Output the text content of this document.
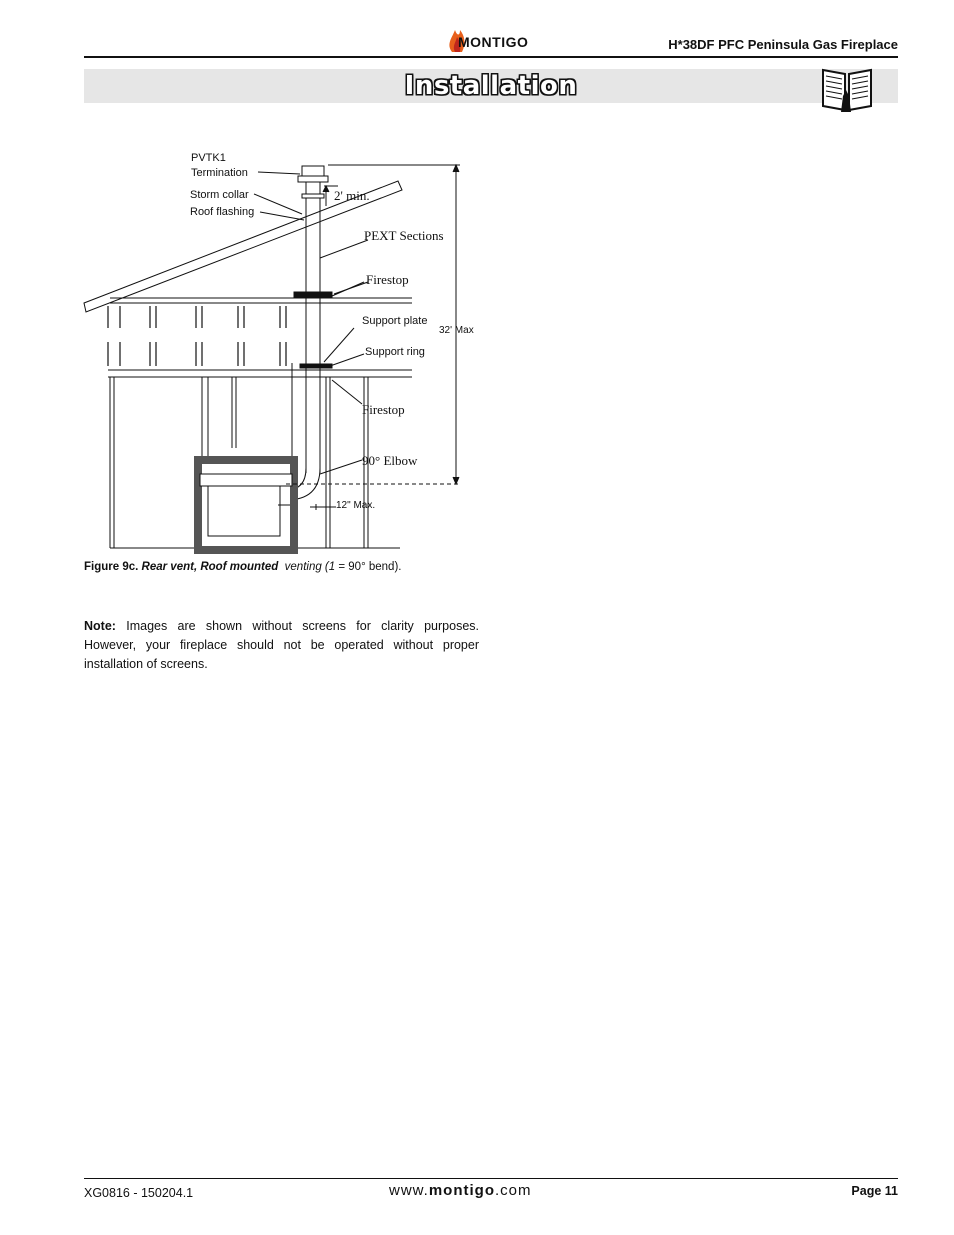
MONTIGO	H*38DF PFC Peninsula Gas Fireplace
Installation
PVTK1
Termination
Storm collar
Roof flashing
2' min.
PEXT Sections
Firestop
Support plate
32' Max
Support ring
Firestop
90° Elbow
12" Max.
Figure 9c. Rear vent, Roof mounted venting (1 = 90° bend).
Note: Images are shown without screens for clarity purposes. However, your fireplace should not be operated without proper installation of screens.
XG0816 - 150204.1	www.montigo.com	Page 11
